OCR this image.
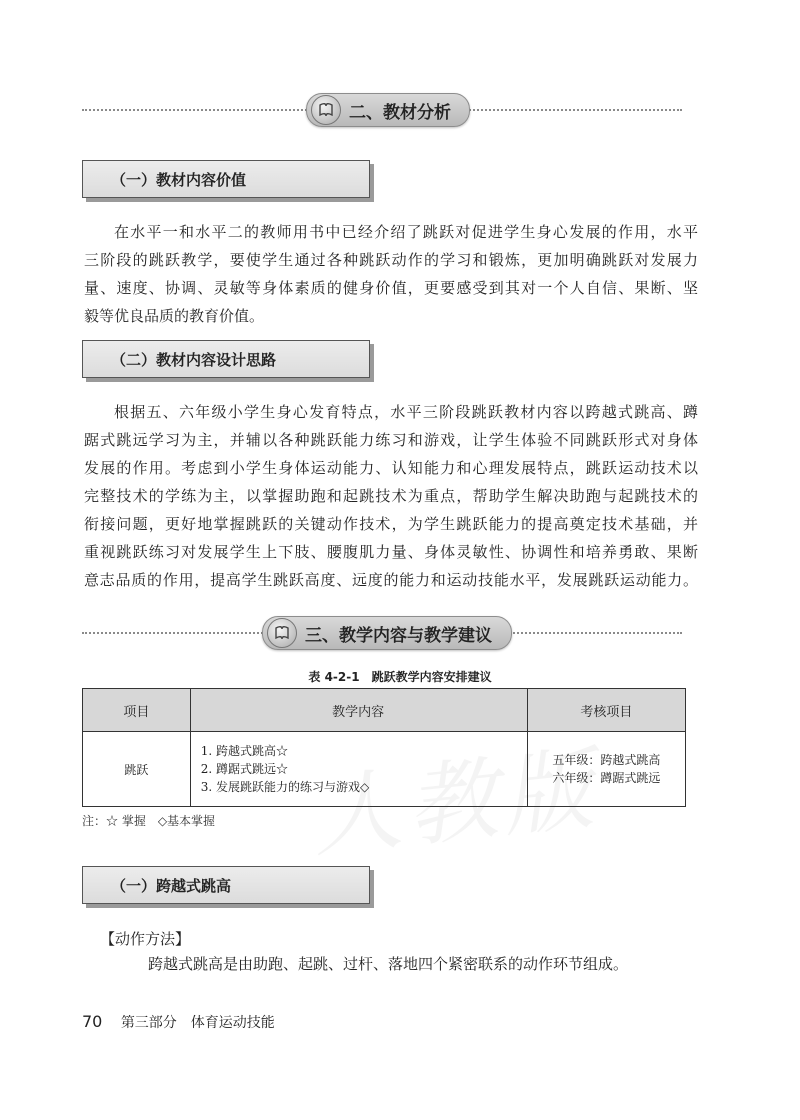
二、教材分析
（一）教材内容价值
在水平一和水平二的教师用书中已经介绍了跳跃对促进学生身心发展的作用，水平
三阶段的跳跃教学，要使学生通过各种跳跃动作的学习和锻炼，更加明确跳跃对发展力
量、速度、协调、灵敏等身体素质的健身价值，更要感受到其对一个人自信、果断、坚
毅等优良品质的教育价值。
（二）教材内容设计思路
根据五、六年级小学生身心发育特点，水平三阶段跳跃教材内容以跨越式跳高、蹲
踞式跳远学习为主，并辅以各种跳跃能力练习和游戏，让学生体验不同跳跃形式对身体
发展的作用。考虑到小学生身体运动能力、认知能力和心理发展特点，跳跃运动技术以
完整技术的学练为主，以掌握助跑和起跳技术为重点，帮助学生解决助跑与起跳技术的
衔接问题，更好地掌握跳跃的关键动作技术，为学生跳跃能力的提高奠定技术基础，并
重视跳跃练习对发展学生上下肢、腰腹肌力量、身体灵敏性、协调性和培养勇敢、果断
意志品质的作用，提高学生跳跃高度、远度的能力和运动技能水平，发展跳跃运动能力。
三、教学内容与教学建议
表 4-2-1　跳跃教学内容安排建议
项目	教学内容	考核项目
跳跃	1. 跨越式跳高☆
2. 蹲踞式跳远☆
3. 发展跳跃能力的练习与游戏◇	五年级：跨越式跳高
六年级：蹲踞式跳远
注：☆ 掌握　◇基本掌握
（一）跨越式跳高
【动作方法】
跨越式跳高是由助跑、起跳、过杆、落地四个紧密联系的动作环节组成。
70 第三部分　体育运动技能
